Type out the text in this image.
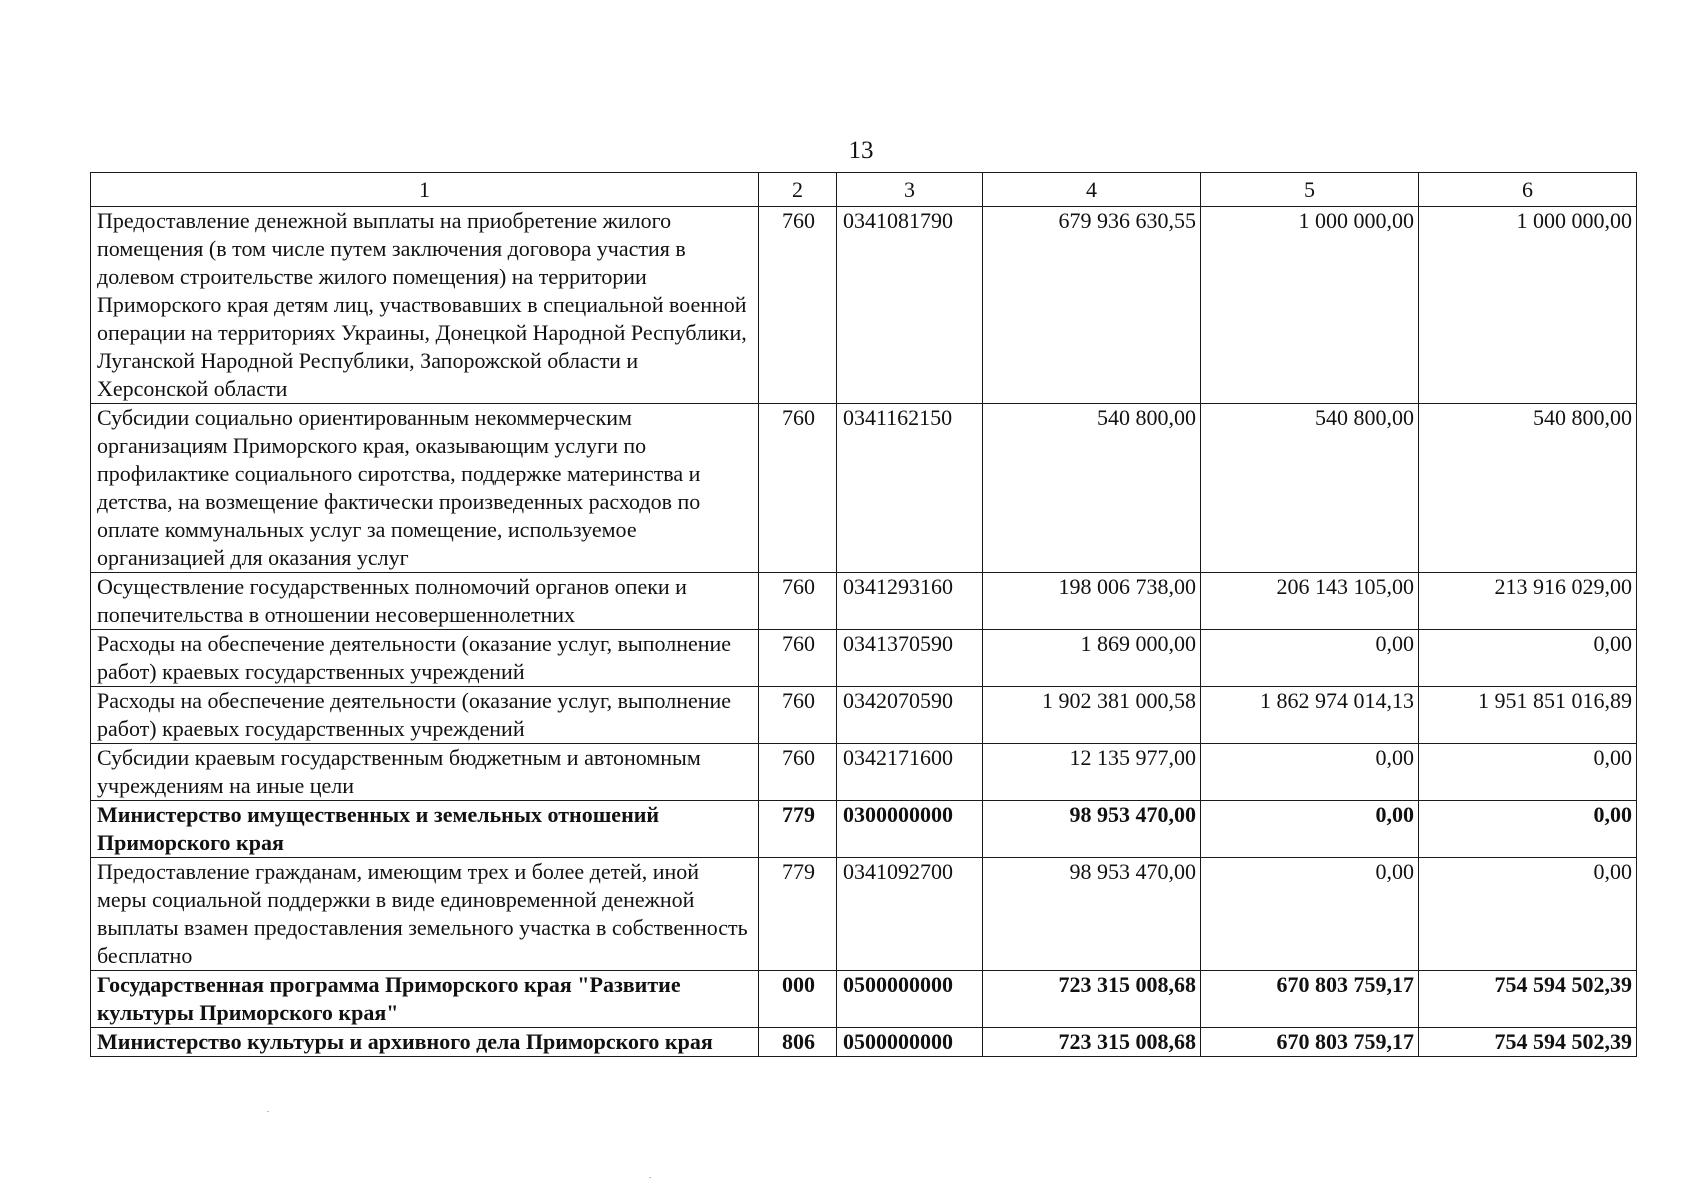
13
1	2	3	4	5	6
Предоставление денежной выплаты на приобретение жилого помещения (в том числе путем заключения договора участия в долевом строительстве жилого помещения) на территории Приморского края детям лиц, участвовавших в специальной военной операции на территориях Украины, Донецкой Народной Республики, Луганской Народной Республики, Запорожской области и Херсонской области	760	0341081790	679 936 630,55	1 000 000,00	1 000 000,00
Субсидии социально ориентированным некоммерческим организациям Приморского края, оказывающим услуги по профилактике социального сиротства, поддержке материнства и детства, на возмещение фактически произведенных расходов по оплате коммунальных услуг за помещение, используемое организацией для оказания услуг	760	0341162150	540 800,00	540 800,00	540 800,00
Осуществление государственных полномочий органов опеки и попечительства в отношении несовершеннолетних	760	0341293160	198 006 738,00	206 143 105,00	213 916 029,00
Расходы на обеспечение деятельности (оказание услуг, выполнение работ) краевых государственных учреждений	760	0341370590	1 869 000,00	0,00	0,00
Расходы на обеспечение деятельности (оказание услуг, выполнение работ) краевых государственных учреждений	760	0342070590	1 902 381 000,58	1 862 974 014,13	1 951 851 016,89
Субсидии краевым государственным бюджетным и автономным учреждениям на иные цели	760	0342171600	12 135 977,00	0,00	0,00
Министерство имущественных и земельных отношений Приморского края	779	0300000000	98 953 470,00	0,00	0,00
Предоставление гражданам, имеющим трех и более детей, иной меры социальной поддержки в виде единовременной денежной выплаты взамен предоставления земельного участка в собственность бесплатно	779	0341092700	98 953 470,00	0,00	0,00
Государственная программа Приморского края "Развитие культуры Приморского края"	000	0500000000	723 315 008,68	670 803 759,17	754 594 502,39
Министерство культуры и архивного дела Приморского края	806	0500000000	723 315 008,68	670 803 759,17	754 594 502,39
